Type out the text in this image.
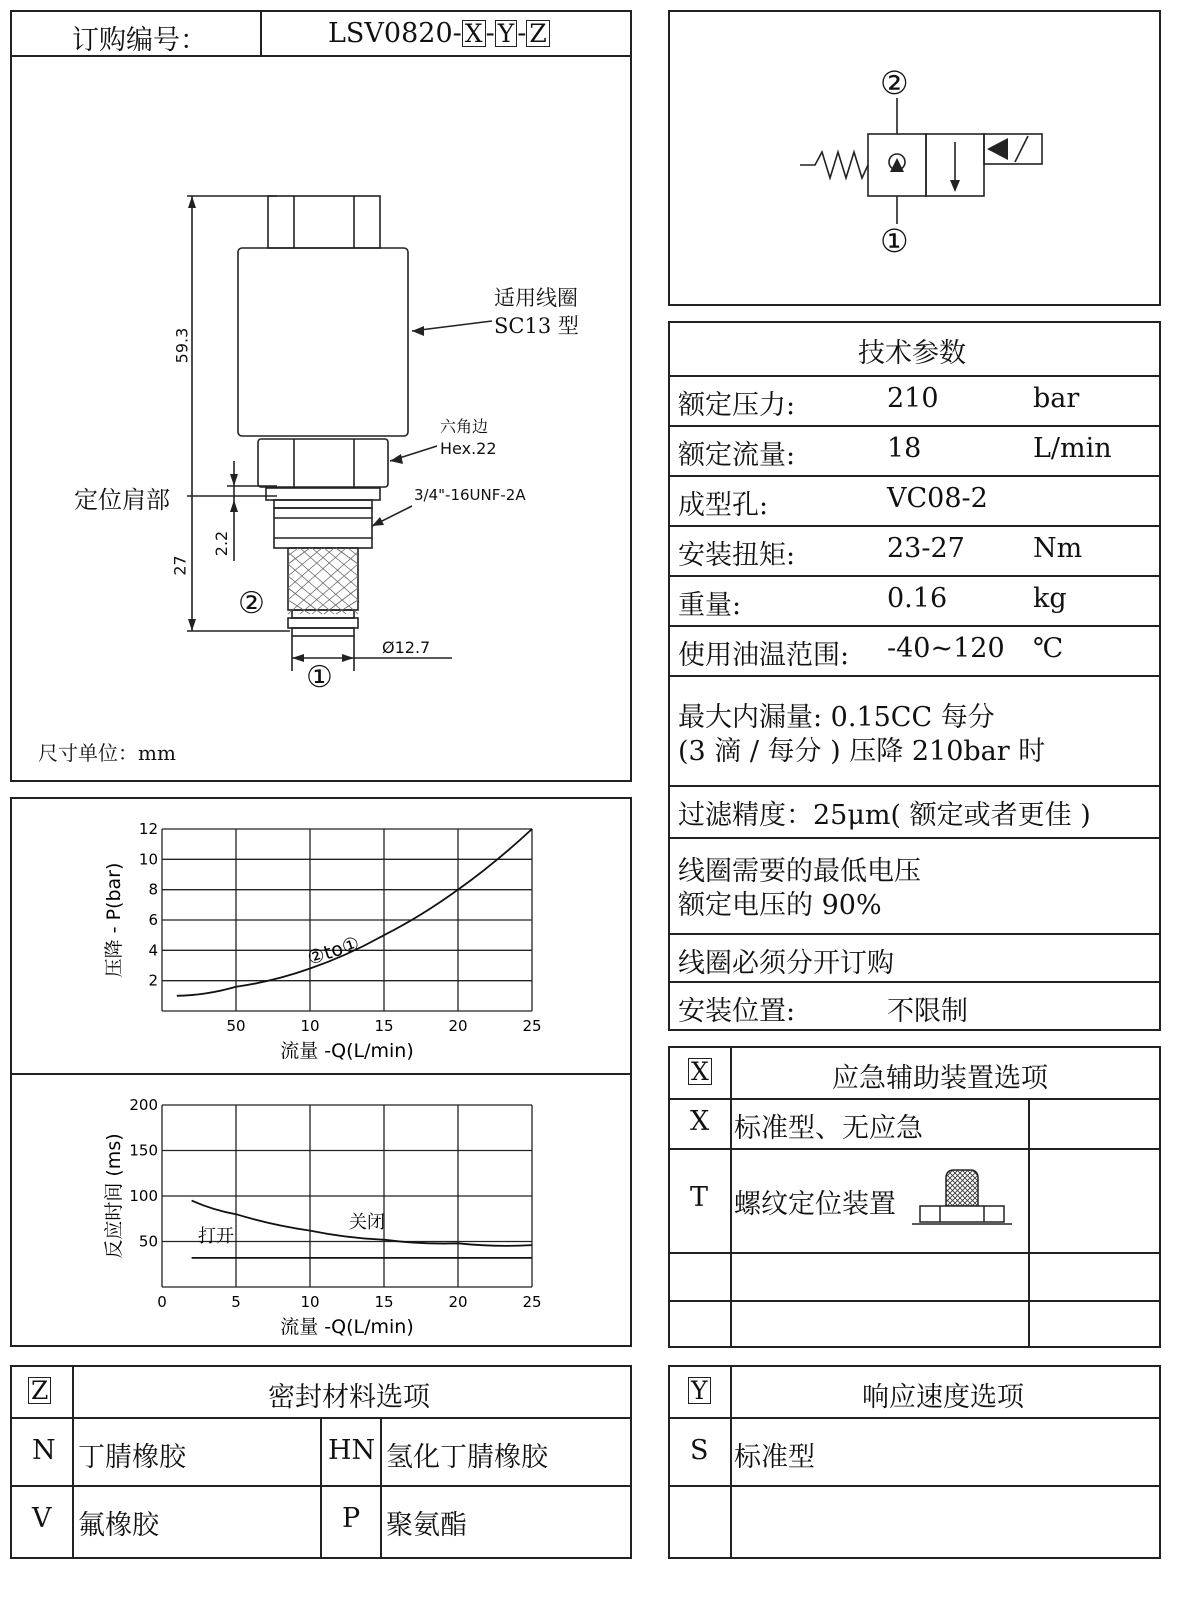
订购编号：	LSV0820- X - Y - Z
适用线圈
SC13 型
六角边
Hex.22
3/4"-16UNF-2A
定位肩部
59.3
27
2.2
Ø12.7
②
①
尺寸单位：mm
50	10	15	20	25
2
4
6
8
10
12
流量 -Q(L/min)
压降 - P(bar)	②to①
0	5	10	15	20	25
50
100
150
200
流量 -Q(L/min)
反应时间 (ms)	打开
关闭
②
①
技术参数
额定压力:	210	bar
额定流量:	18	L/min
成型孔:	VC08-2
安装扭矩:	23-27	Nm
重量:	0.16	kg
使用油温范围: -40~120 ℃
最大内漏量: 0.15CC 每分
(3 滴 / 每分 ) 压降 210bar 时
过滤精度：25μm( 额定或者更佳 )
线圈需要的最低电压
额定电压的 90%
线圈必须分开订购
安装位置:	不限制
X	应急辅助装置选项
X 标准型、无应急
T 螺纹定位装置
Z	密封材料选项
N 丁腈橡胶	HN 氢化丁腈橡胶
V 氟橡胶	P 聚氨酯
Y	响应速度选项
S 标准型
